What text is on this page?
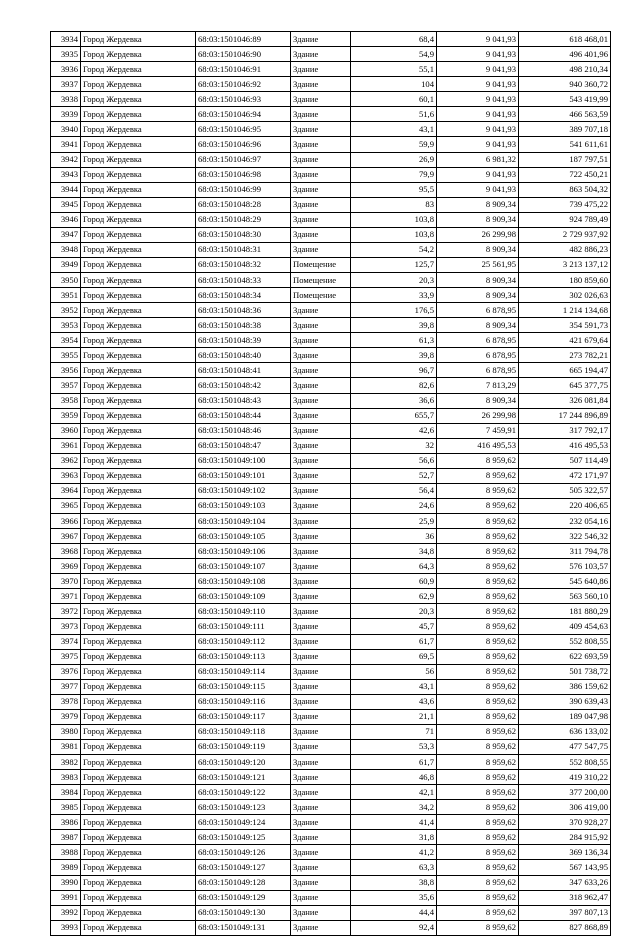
3934	Город Жердевка	68:03:1501046:89	Здание	68,4	9 041,93	618 468,01
3935	Город Жердевка	68:03:1501046:90	Здание	54,9	9 041,93	496 401,96
3936	Город Жердевка	68:03:1501046:91	Здание	55,1	9 041,93	498 210,34
3937	Город Жердевка	68:03:1501046:92	Здание	104	9 041,93	940 360,72
3938	Город Жердевка	68:03:1501046:93	Здание	60,1	9 041,93	543 419,99
3939	Город Жердевка	68:03:1501046:94	Здание	51,6	9 041,93	466 563,59
3940	Город Жердевка	68:03:1501046:95	Здание	43,1	9 041,93	389 707,18
3941	Город Жердевка	68:03:1501046:96	Здание	59,9	9 041,93	541 611,61
3942	Город Жердевка	68:03:1501046:97	Здание	26,9	6 981,32	187 797,51
3943	Город Жердевка	68:03:1501046:98	Здание	79,9	9 041,93	722 450,21
3944	Город Жердевка	68:03:1501046:99	Здание	95,5	9 041,93	863 504,32
3945	Город Жердевка	68:03:1501048:28	Здание	83	8 909,34	739 475,22
3946	Город Жердевка	68:03:1501048:29	Здание	103,8	8 909,34	924 789,49
3947	Город Жердевка	68:03:1501048:30	Здание	103,8	26 299,98	2 729 937,92
3948	Город Жердевка	68:03:1501048:31	Здание	54,2	8 909,34	482 886,23
3949	Город Жердевка	68:03:1501048:32	Помещение	125,7	25 561,95	3 213 137,12
3950	Город Жердевка	68:03:1501048:33	Помещение	20,3	8 909,34	180 859,60
3951	Город Жердевка	68:03:1501048:34	Помещение	33,9	8 909,34	302 026,63
3952	Город Жердевка	68:03:1501048:36	Здание	176,5	6 878,95	1 214 134,68
3953	Город Жердевка	68:03:1501048:38	Здание	39,8	8 909,34	354 591,73
3954	Город Жердевка	68:03:1501048:39	Здание	61,3	6 878,95	421 679,64
3955	Город Жердевка	68:03:1501048:40	Здание	39,8	6 878,95	273 782,21
3956	Город Жердевка	68:03:1501048:41	Здание	96,7	6 878,95	665 194,47
3957	Город Жердевка	68:03:1501048:42	Здание	82,6	7 813,29	645 377,75
3958	Город Жердевка	68:03:1501048:43	Здание	36,6	8 909,34	326 081,84
3959	Город Жердевка	68:03:1501048:44	Здание	655,7	26 299,98	17 244 896,89
3960	Город Жердевка	68:03:1501048:46	Здание	42,6	7 459,91	317 792,17
3961	Город Жердевка	68:03:1501048:47	Здание	32	416 495,53	416 495,53
3962	Город Жердевка	68:03:1501049:100	Здание	56,6	8 959,62	507 114,49
3963	Город Жердевка	68:03:1501049:101	Здание	52,7	8 959,62	472 171,97
3964	Город Жердевка	68:03:1501049:102	Здание	56,4	8 959,62	505 322,57
3965	Город Жердевка	68:03:1501049:103	Здание	24,6	8 959,62	220 406,65
3966	Город Жердевка	68:03:1501049:104	Здание	25,9	8 959,62	232 054,16
3967	Город Жердевка	68:03:1501049:105	Здание	36	8 959,62	322 546,32
3968	Город Жердевка	68:03:1501049:106	Здание	34,8	8 959,62	311 794,78
3969	Город Жердевка	68:03:1501049:107	Здание	64,3	8 959,62	576 103,57
3970	Город Жердевка	68:03:1501049:108	Здание	60,9	8 959,62	545 640,86
3971	Город Жердевка	68:03:1501049:109	Здание	62,9	8 959,62	563 560,10
3972	Город Жердевка	68:03:1501049:110	Здание	20,3	8 959,62	181 880,29
3973	Город Жердевка	68:03:1501049:111	Здание	45,7	8 959,62	409 454,63
3974	Город Жердевка	68:03:1501049:112	Здание	61,7	8 959,62	552 808,55
3975	Город Жердевка	68:03:1501049:113	Здание	69,5	8 959,62	622 693,59
3976	Город Жердевка	68:03:1501049:114	Здание	56	8 959,62	501 738,72
3977	Город Жердевка	68:03:1501049:115	Здание	43,1	8 959,62	386 159,62
3978	Город Жердевка	68:03:1501049:116	Здание	43,6	8 959,62	390 639,43
3979	Город Жердевка	68:03:1501049:117	Здание	21,1	8 959,62	189 047,98
3980	Город Жердевка	68:03:1501049:118	Здание	71	8 959,62	636 133,02
3981	Город Жердевка	68:03:1501049:119	Здание	53,3	8 959,62	477 547,75
3982	Город Жердевка	68:03:1501049:120	Здание	61,7	8 959,62	552 808,55
3983	Город Жердевка	68:03:1501049:121	Здание	46,8	8 959,62	419 310,22
3984	Город Жердевка	68:03:1501049:122	Здание	42,1	8 959,62	377 200,00
3985	Город Жердевка	68:03:1501049:123	Здание	34,2	8 959,62	306 419,00
3986	Город Жердевка	68:03:1501049:124	Здание	41,4	8 959,62	370 928,27
3987	Город Жердевка	68:03:1501049:125	Здание	31,8	8 959,62	284 915,92
3988	Город Жердевка	68:03:1501049:126	Здание	41,2	8 959,62	369 136,34
3989	Город Жердевка	68:03:1501049:127	Здание	63,3	8 959,62	567 143,95
3990	Город Жердевка	68:03:1501049:128	Здание	38,8	8 959,62	347 633,26
3991	Город Жердевка	68:03:1501049:129	Здание	35,6	8 959,62	318 962,47
3992	Город Жердевка	68:03:1501049:130	Здание	44,4	8 959,62	397 807,13
3993	Город Жердевка	68:03:1501049:131	Здание	92,4	8 959,62	827 868,89
